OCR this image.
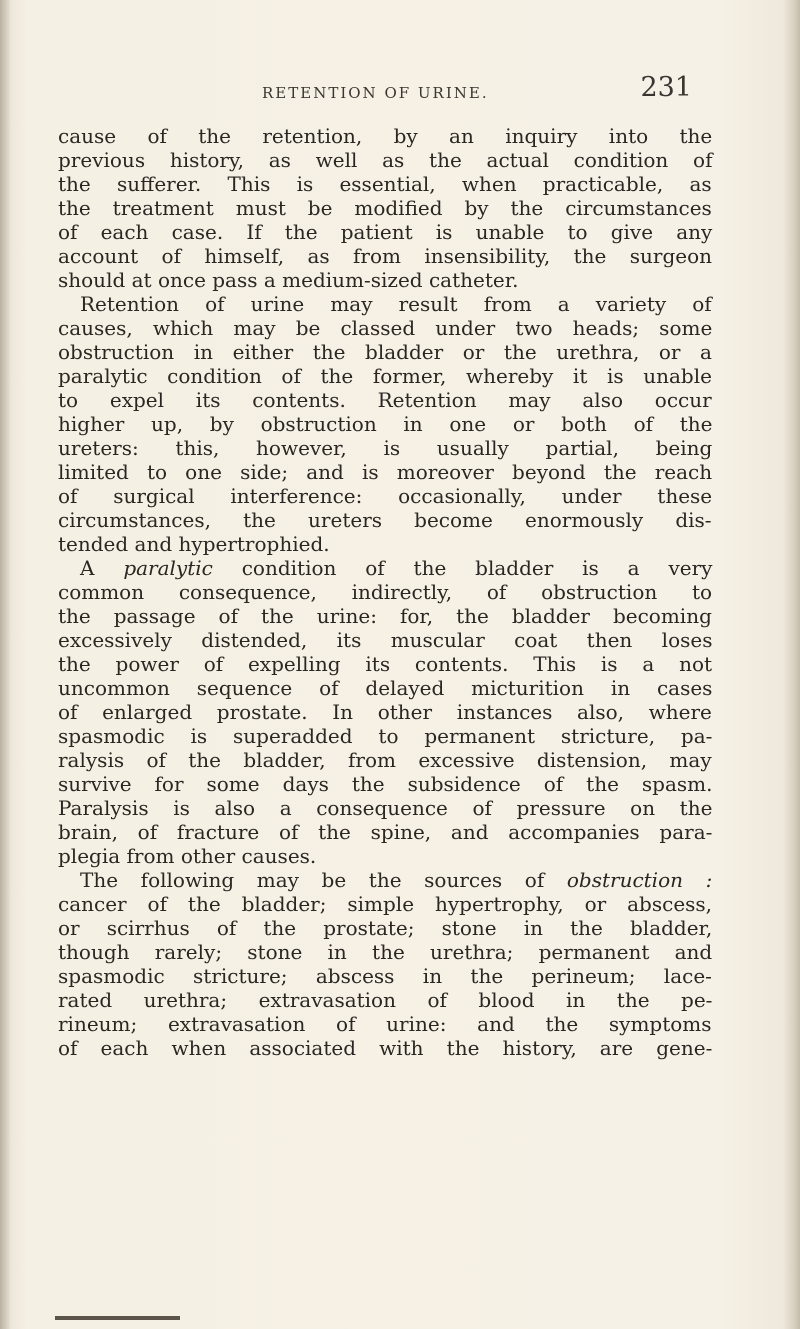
RETENTION OF URINE.	231
cause of the retention, by an inquiry into the
previous history, as well as the actual condition of
the sufferer. This is essential, when practicable, as
the treatment must be modified by the circumstances
of each case. If the patient is unable to give any
account of himself, as from insensibility, the surgeon
should at once pass a medium-sized catheter.
Retention of urine may result from a variety of
causes, which may be classed under two heads; some
obstruction in either the bladder or the urethra, or a
paralytic condition of the former, whereby it is unable
to expel its contents. Retention may also occur
higher up, by obstruction in one or both of the
ureters: this, however, is usually partial, being
limited to one side; and is moreover beyond the reach
of surgical interference: occasionally, under these
circumstances, the ureters become enormously dis-
tended and hypertrophied.
A paralytic condition of the bladder is a very
common consequence, indirectly, of obstruction to
the passage of the urine: for, the bladder becoming
excessively distended, its muscular coat then loses
the power of expelling its contents. This is a not
uncommon sequence of delayed micturition in cases
of enlarged prostate. In other instances also, where
spasmodic is superadded to permanent stricture, pa-
ralysis of the bladder, from excessive distension, may
survive for some days the subsidence of the spasm.
Paralysis is also a consequence of pressure on the
brain, of fracture of the spine, and accompanies para-
plegia from other causes.
The following may be the sources of obstruction :
cancer of the bladder; simple hypertrophy, or abscess,
or scirrhus of the prostate; stone in the bladder,
though rarely; stone in the urethra; permanent and
spasmodic stricture; abscess in the perineum; lace-
rated urethra; extravasation of blood in the pe-
rineum; extravasation of urine: and the symptoms
of each when associated with the history, are gene-
